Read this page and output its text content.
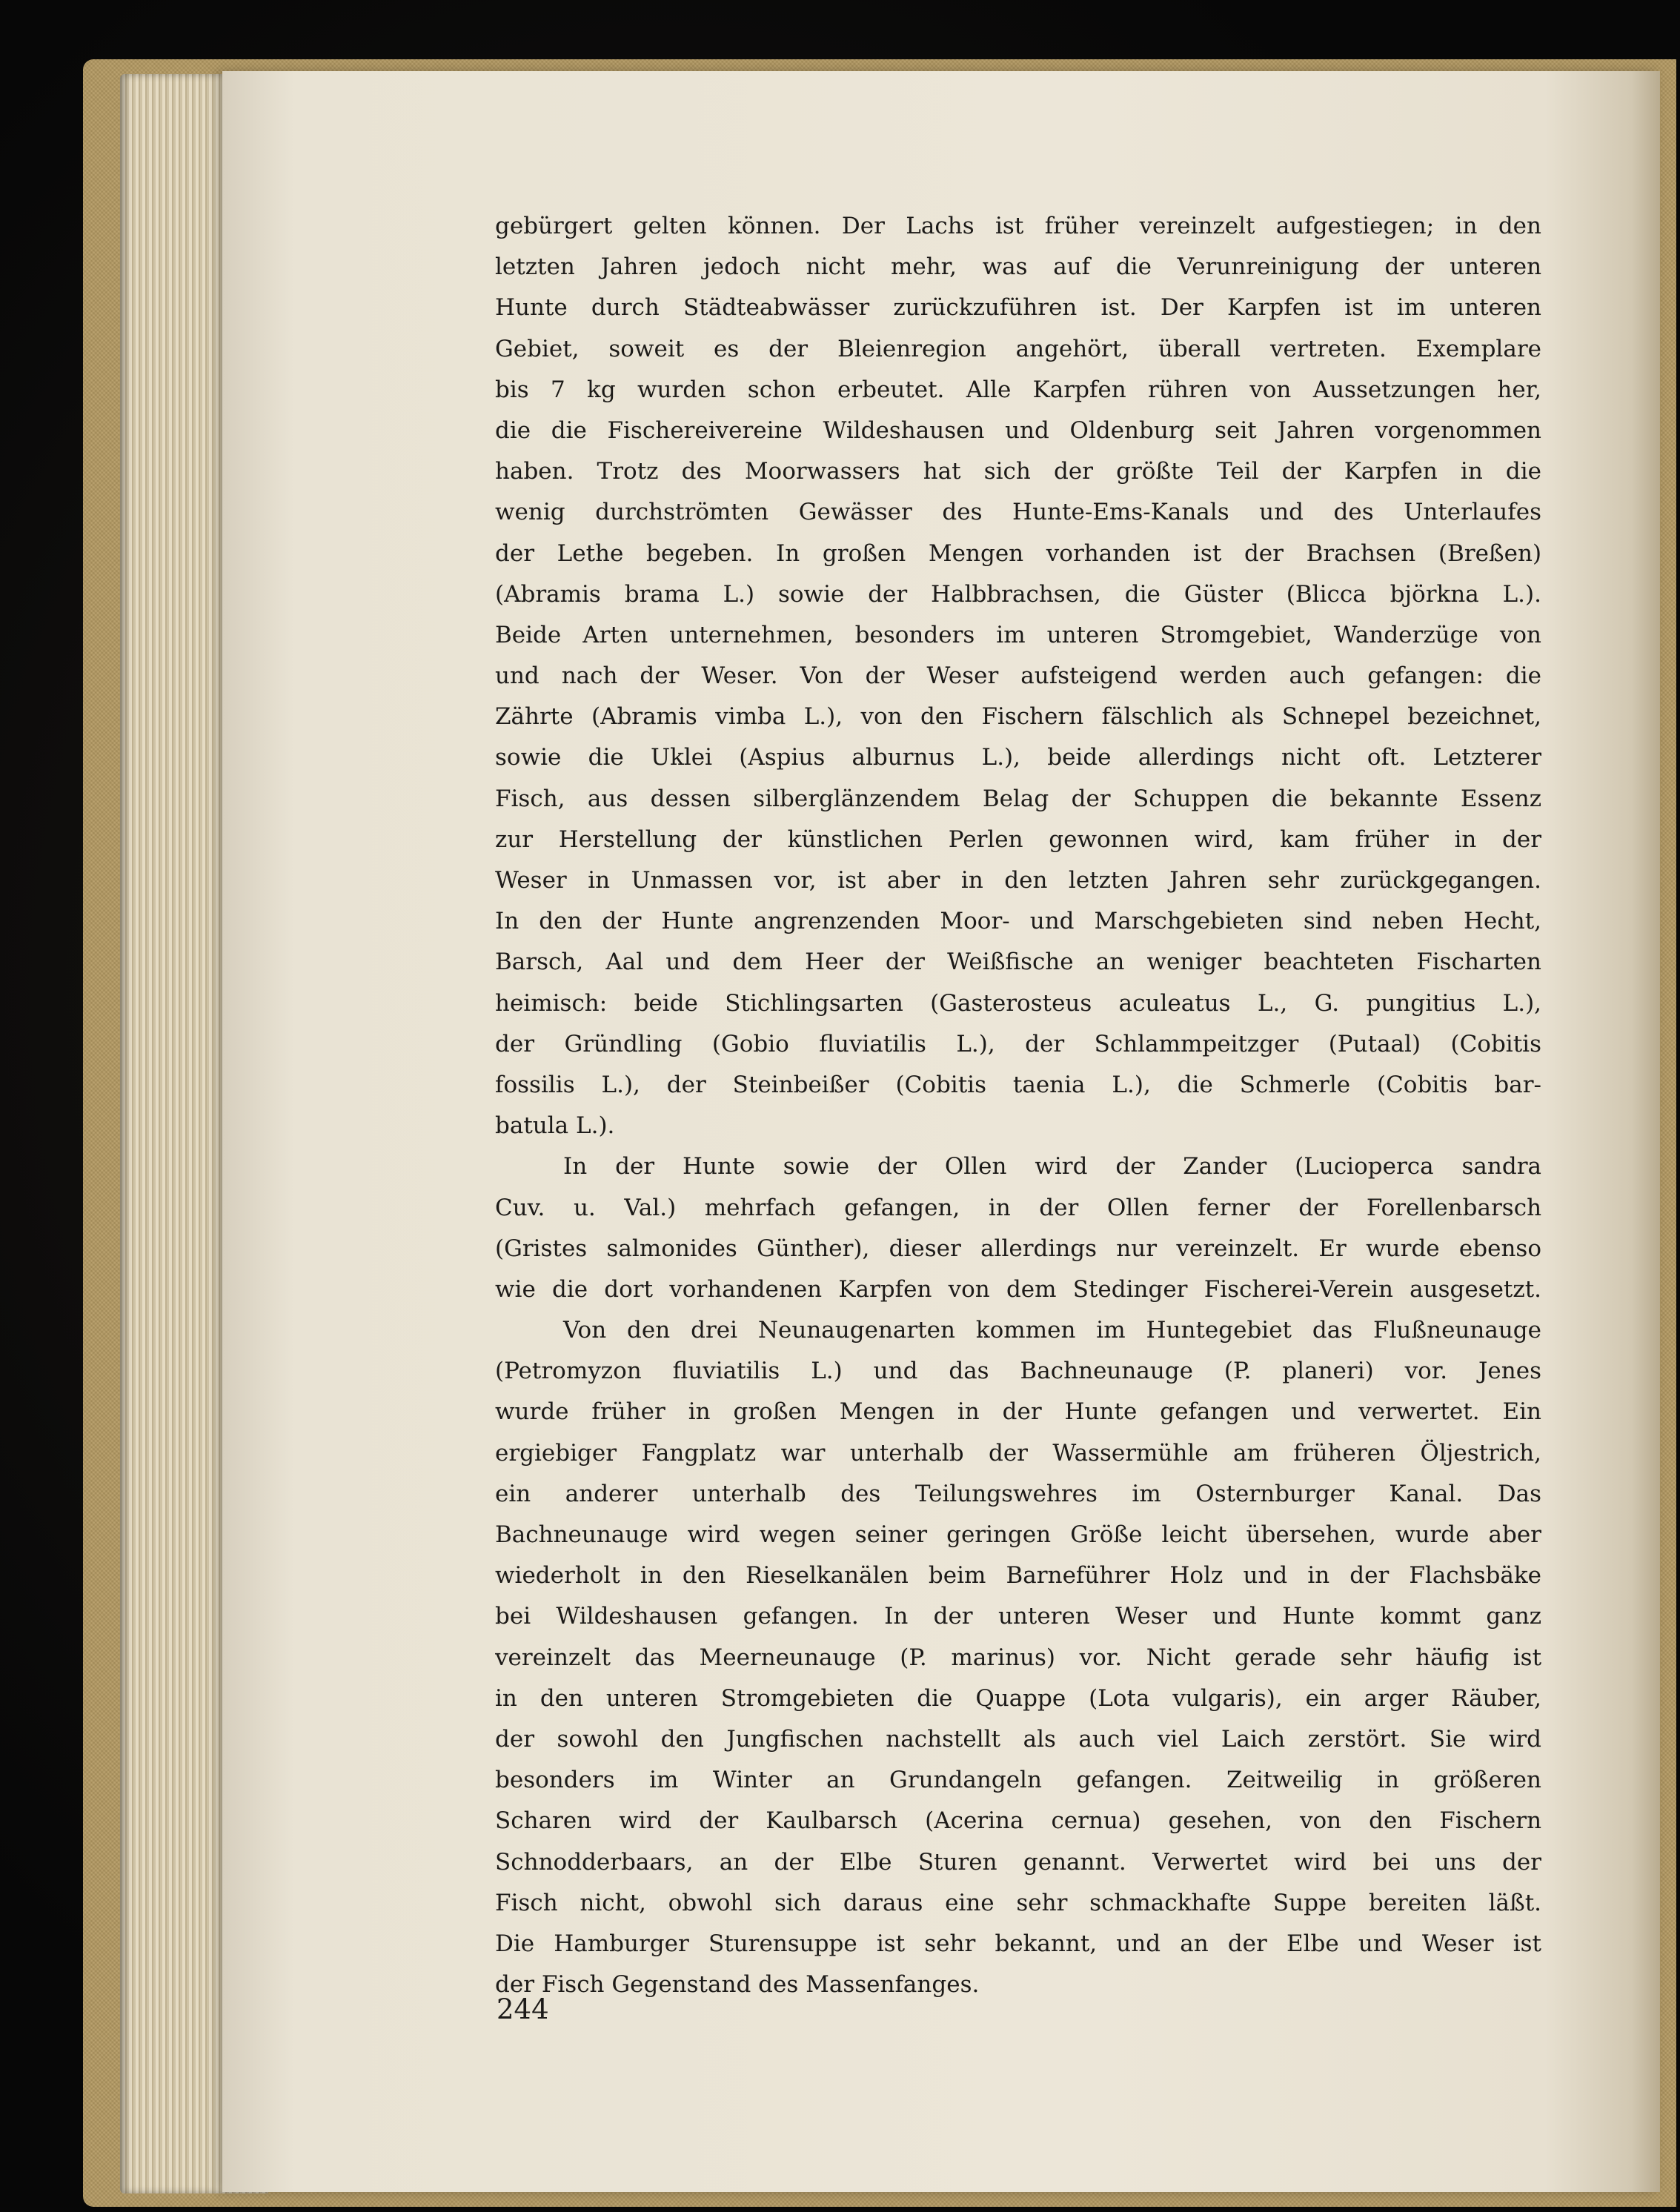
gebürgert gelten können. Der Lachs ist früher vereinzelt aufgestiegen; in den
letzten Jahren jedoch nicht mehr, was auf die Verunreinigung der unteren
Hunte durch Städteabwässer zurückzuführen ist. Der Karpfen ist im unteren
Gebiet, soweit es der Bleienregion angehört, überall vertreten. Exemplare
bis 7 kg wurden schon erbeutet. Alle Karpfen rühren von Aussetzungen her,
die die Fischereivereine Wildeshausen und Oldenburg seit Jahren vorgenommen
haben. Trotz des Moorwassers hat sich der größte Teil der Karpfen in die
wenig durchströmten Gewässer des Hunte-Ems-Kanals und des Unterlaufes
der Lethe begeben. In großen Mengen vorhanden ist der Brachsen (Breßen)
(Abramis brama L.) sowie der Halbbrachsen, die Güster (Blicca björkna L.).
Beide Arten unternehmen, besonders im unteren Stromgebiet, Wanderzüge von
und nach der Weser. Von der Weser aufsteigend werden auch gefangen: die
Zährte (Abramis vimba L.), von den Fischern fälschlich als Schnepel bezeichnet,
sowie die Uklei (Aspius alburnus L.), beide allerdings nicht oft. Letzterer
Fisch, aus dessen silberglänzendem Belag der Schuppen die bekannte Essenz
zur Herstellung der künstlichen Perlen gewonnen wird, kam früher in der
Weser in Unmassen vor, ist aber in den letzten Jahren sehr zurückgegangen.
In den der Hunte angrenzenden Moor- und Marschgebieten sind neben Hecht,
Barsch, Aal und dem Heer der Weißfische an weniger beachteten Fischarten
heimisch: beide Stichlingsarten (Gasterosteus aculeatus L., G. pungitius L.),
der Gründling (Gobio fluviatilis L.), der Schlammpeitzger (Putaal) (Cobitis
fossilis L.), der Steinbeißer (Cobitis taenia L.), die Schmerle (Cobitis bar-
batula L.).
In der Hunte sowie der Ollen wird der Zander (Lucioperca sandra
Cuv. u. Val.) mehrfach gefangen, in der Ollen ferner der Forellenbarsch
(Gristes salmonides Günther), dieser allerdings nur vereinzelt. Er wurde ebenso
wie die dort vorhandenen Karpfen von dem Stedinger Fischerei-Verein ausgesetzt.
Von den drei Neunaugenarten kommen im Huntegebiet das Flußneunauge
(Petromyzon fluviatilis L.) und das Bachneunauge (P. planeri) vor. Jenes
wurde früher in großen Mengen in der Hunte gefangen und verwertet. Ein
ergiebiger Fangplatz war unterhalb der Wassermühle am früheren Öljestrich,
ein anderer unterhalb des Teilungswehres im Osternburger Kanal. Das
Bachneunauge wird wegen seiner geringen Größe leicht übersehen, wurde aber
wiederholt in den Rieselkanälen beim Barneführer Holz und in der Flachsbäke
bei Wildeshausen gefangen. In der unteren Weser und Hunte kommt ganz
vereinzelt das Meerneunauge (P. marinus) vor. Nicht gerade sehr häufig ist
in den unteren Stromgebieten die Quappe (Lota vulgaris), ein arger Räuber,
der sowohl den Jungfischen nachstellt als auch viel Laich zerstört. Sie wird
besonders im Winter an Grundangeln gefangen. Zeitweilig in größeren
Scharen wird der Kaulbarsch (Acerina cernua) gesehen, von den Fischern
Schnodderbaars, an der Elbe Sturen genannt. Verwertet wird bei uns der
Fisch nicht, obwohl sich daraus eine sehr schmackhafte Suppe bereiten läßt.
Die Hamburger Sturensuppe ist sehr bekannt, und an der Elbe und Weser ist
der Fisch Gegenstand des Massenfanges.
244
